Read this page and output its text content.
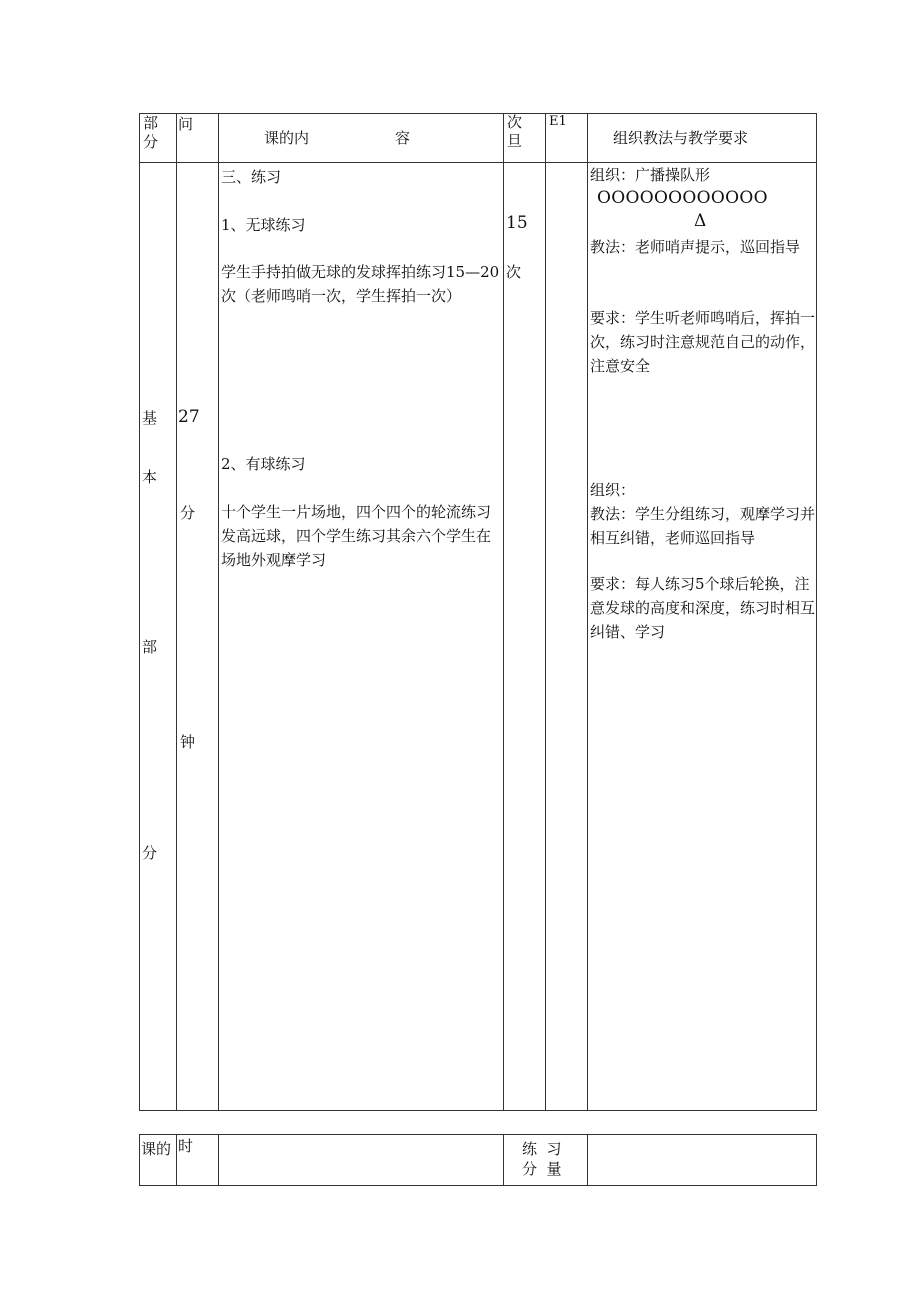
部
分
问
课的内	容
次
旦
E1
组织教法与教学要求
基
本
部
分
27
分
钟
三、练习
1、无球练习
学生手持拍做无球的发球挥拍练习15—20次（老师鸣哨一次，学生挥拍一次）
2、有球练习
十个学生一片场地，四个四个的轮流练习发高远球，四个学生练习其余六个学生在场地外观摩学习
15
次
组织：广播操队形
OOOOOOOOOOOO
Δ
教法：老师哨声提示，巡回指导
要求：学生听老师鸣哨后，挥拍一次，练习时注意规范自己的动作，注意安全
组织：
教法：学生分组练习，观摩学习并相互纠错，老师巡回指导
要求：每人练习5个球后轮换，注意发球的高度和深度，练习时相互纠错、学习
课的 时	练  习
分  量
